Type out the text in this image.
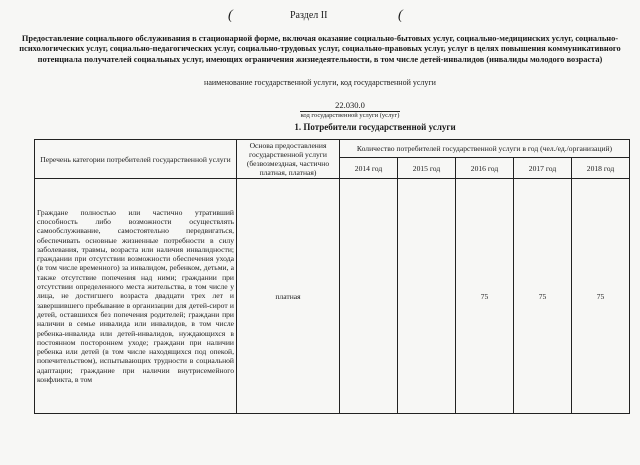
(	Раздел II	(
Предоставление социального обслуживания в стационарной форме, включая оказание социально-бытовых услуг, социально-медицинских услуг, социально-психологических услуг, социально-педагогических услуг, социально-трудовых услуг, социально-правовых услуг, услуг в целях повышения коммуникативного потенциала получателей социальных услуг, имеющих ограничения жизнедеятельности, в том числе детей-инвалидов (инвалиды молодого возраста)
наименование государственной услуги, код государственной услуги
22.030.0
код государственной услуги (услуг)
1. Потребители государственной услуги
Перечень категории потребителей государственной услуги	Основа предоставления государственной услуги (безвозмездная, частично платная, платная)	Количество потребителей государственной услуги в год (чел./ед./организаций)				
		2014 год	2015 год	2016 год	2017 год	2018 год
Граждане полностью или частично утративший способность либо возможности осуществлять самообслуживание, самостоятельно передвигаться, обеспечивать основные жизненные потребности в силу заболевания, травмы, возраста или наличия инвалидности; граждании при отсутствии возможности обеспечения ухода (в том числе временного) за инвалидом, ребенком, детьми, а также отсутствие попечения над ними; граждании при отсутствии определенного места жительства, в том числе у лица, не достигшего возраста двадцати трех лет и завершившего пребывание в организации для детей-сирот и детей, оставшихся без попечения родителей; граждани при наличии в семье инвалида или инвалидов, в том числе ребенка-инвалида или детей-инвалидов, нуждающихся в постоянном постороннем уходе; граждани при наличии ребенка или детей (в том числе находящихся под опекой, попечительством), испытывающих трудности в социальной адаптации; граждание при наличии внутрисемейного конфликта, в том	платная			75	75	75
